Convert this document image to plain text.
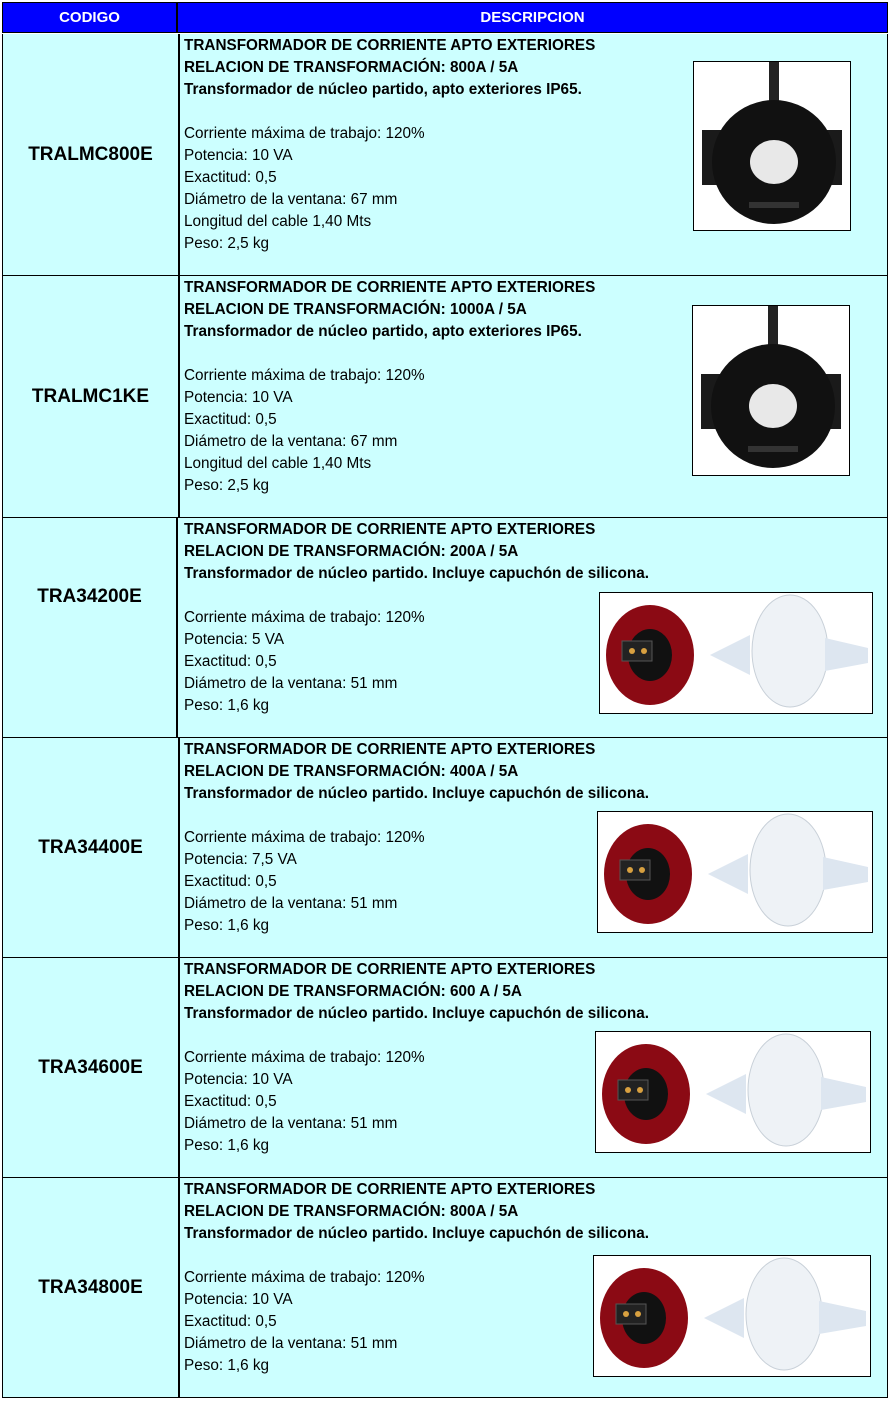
CODIGO	DESCRIPCION
TRALMC800E
TRANSFORMADOR DE CORRIENTE APTO EXTERIORES
RELACION DE TRANSFORMACIÓN: 800A / 5A
Transformador de núcleo partido, apto exteriores IP65.
Corriente máxima de trabajo: 120%
Potencia: 10 VA
Exactitud: 0,5
Diámetro de la ventana: 67 mm
Longitud del cable 1,40 Mts
Peso: 2,5 kg
TRALMC1KE
TRANSFORMADOR DE CORRIENTE APTO EXTERIORES
RELACION DE TRANSFORMACIÓN: 1000A / 5A
Transformador de núcleo partido, apto exteriores IP65.
Corriente máxima de trabajo: 120%
Potencia: 10 VA
Exactitud: 0,5
Diámetro de la ventana: 67 mm
Longitud del cable 1,40 Mts
Peso: 2,5 kg
TRA34200E
TRANSFORMADOR DE CORRIENTE APTO EXTERIORES
RELACION DE TRANSFORMACIÓN: 200A / 5A
Transformador de núcleo partido. Incluye capuchón de silicona.
Corriente máxima de trabajo: 120%
Potencia: 5 VA
Exactitud: 0,5
Diámetro de la ventana: 51 mm
Peso: 1,6 kg
TRA34400E
TRANSFORMADOR DE CORRIENTE APTO EXTERIORES
RELACION DE TRANSFORMACIÓN: 400A / 5A
Transformador de núcleo partido. Incluye capuchón de silicona.
Corriente máxima de trabajo: 120%
Potencia: 7,5 VA
Exactitud: 0,5
Diámetro de la ventana: 51 mm
Peso: 1,6 kg
TRA34600E
TRANSFORMADOR DE CORRIENTE APTO EXTERIORES
RELACION DE TRANSFORMACIÓN: 600 A / 5A
Transformador de núcleo partido. Incluye capuchón de silicona.
Corriente máxima de trabajo: 120%
Potencia: 10 VA
Exactitud: 0,5
Diámetro de la ventana: 51 mm
Peso: 1,6 kg
TRA34800E
TRANSFORMADOR DE CORRIENTE APTO EXTERIORES
RELACION DE TRANSFORMACIÓN: 800A / 5A
Transformador de núcleo partido. Incluye capuchón de silicona.
Corriente máxima de trabajo: 120%
Potencia: 10 VA
Exactitud: 0,5
Diámetro de la ventana: 51 mm
Peso: 1,6 kg
